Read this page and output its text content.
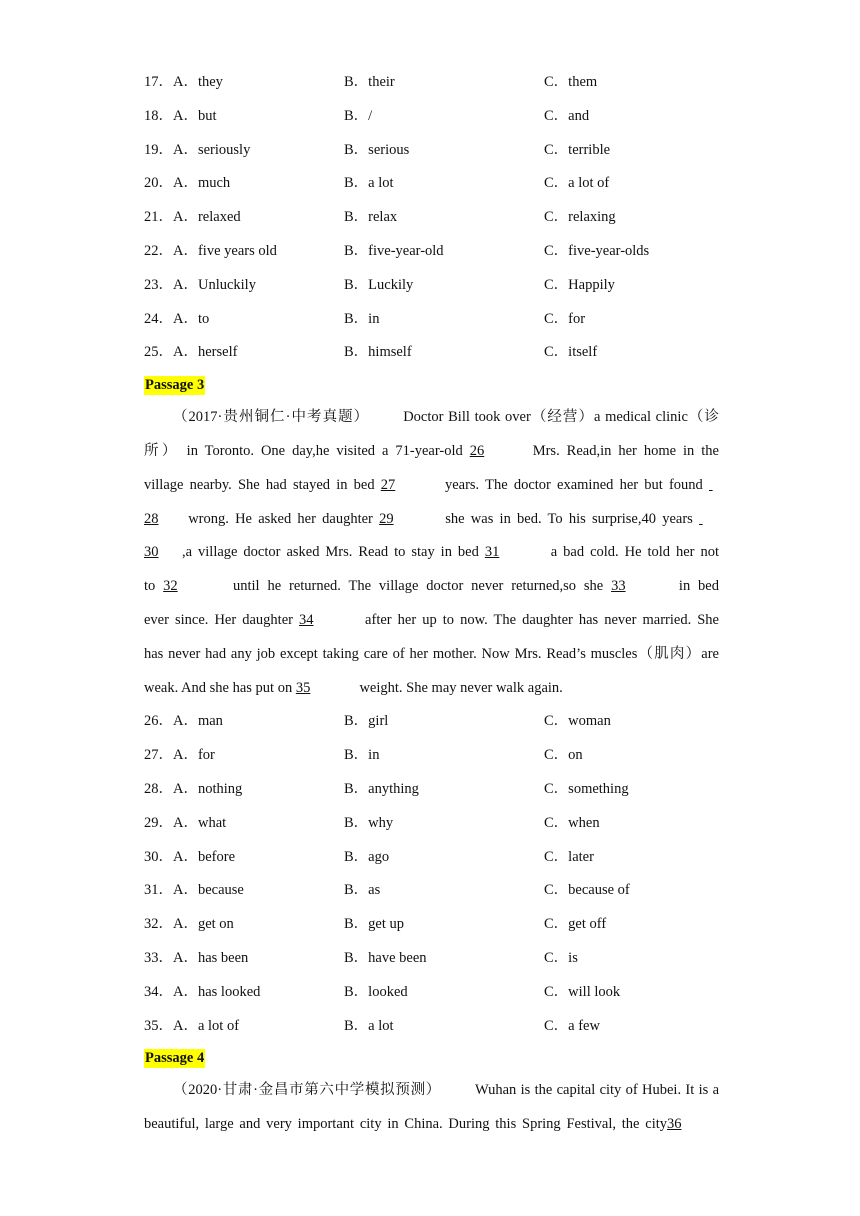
17．A．they	B．their	C．them
18．A．but	B．/	C．and
19．A．seriously	B．serious	C．terrible
20．A．much	B．a lot	C．a lot of
21．A．relaxed	B．relax	C．relaxing
22．A．five years old	B．five-year-old	C．five-year-olds
23．A．Unluckily	B．Luckily	C．Happily
24．A．to	B．in	C．for
25．A．herself	B．himself	C．itself
Passage 3
（2017·贵州铜仁·中考真题） Doctor Bill took over（经营）a medical clinic（诊
所） in Toronto. One day,he visited a 71-year-old 26	Mrs. Read,in her home in the
village nearby. She had stayed in bed 27	years. The doctor examined her but found
28 wrong. He asked her daughter 29	she was in bed. To his surprise,40 years
30 ,a village doctor asked Mrs. Read to stay in bed 31	a bad cold. He told her not
to 32	until he returned. The village doctor never returned,so she 33	in bed
ever since. Her daughter 34	after her up to now. The daughter has never married. She
has never had any job except taking care of her mother. Now Mrs. Read’s muscles（肌肉）are
weak. And she has put on 35	weight. She may never walk again.
26．A．man	B．girl	C．woman
27．A．for	B．in	C．on
28．A．nothing	B．anything	C．something
29．A．what	B．why	C．when
30．A．before	B．ago	C．later
31．A．because	B．as	C．because of
32．A．get on	B．get up	C．get off
33．A．has been	B．have been	C．is
34．A．has looked	B．looked	C．will look
35．A．a lot of	B．a lot	C．a few
Passage 4
（2020·甘肃·金昌市第六中学模拟预测） Wuhan is the capital city of Hubei. It is a
beautiful, large and very important city in China. During this Spring Festival, the city36
